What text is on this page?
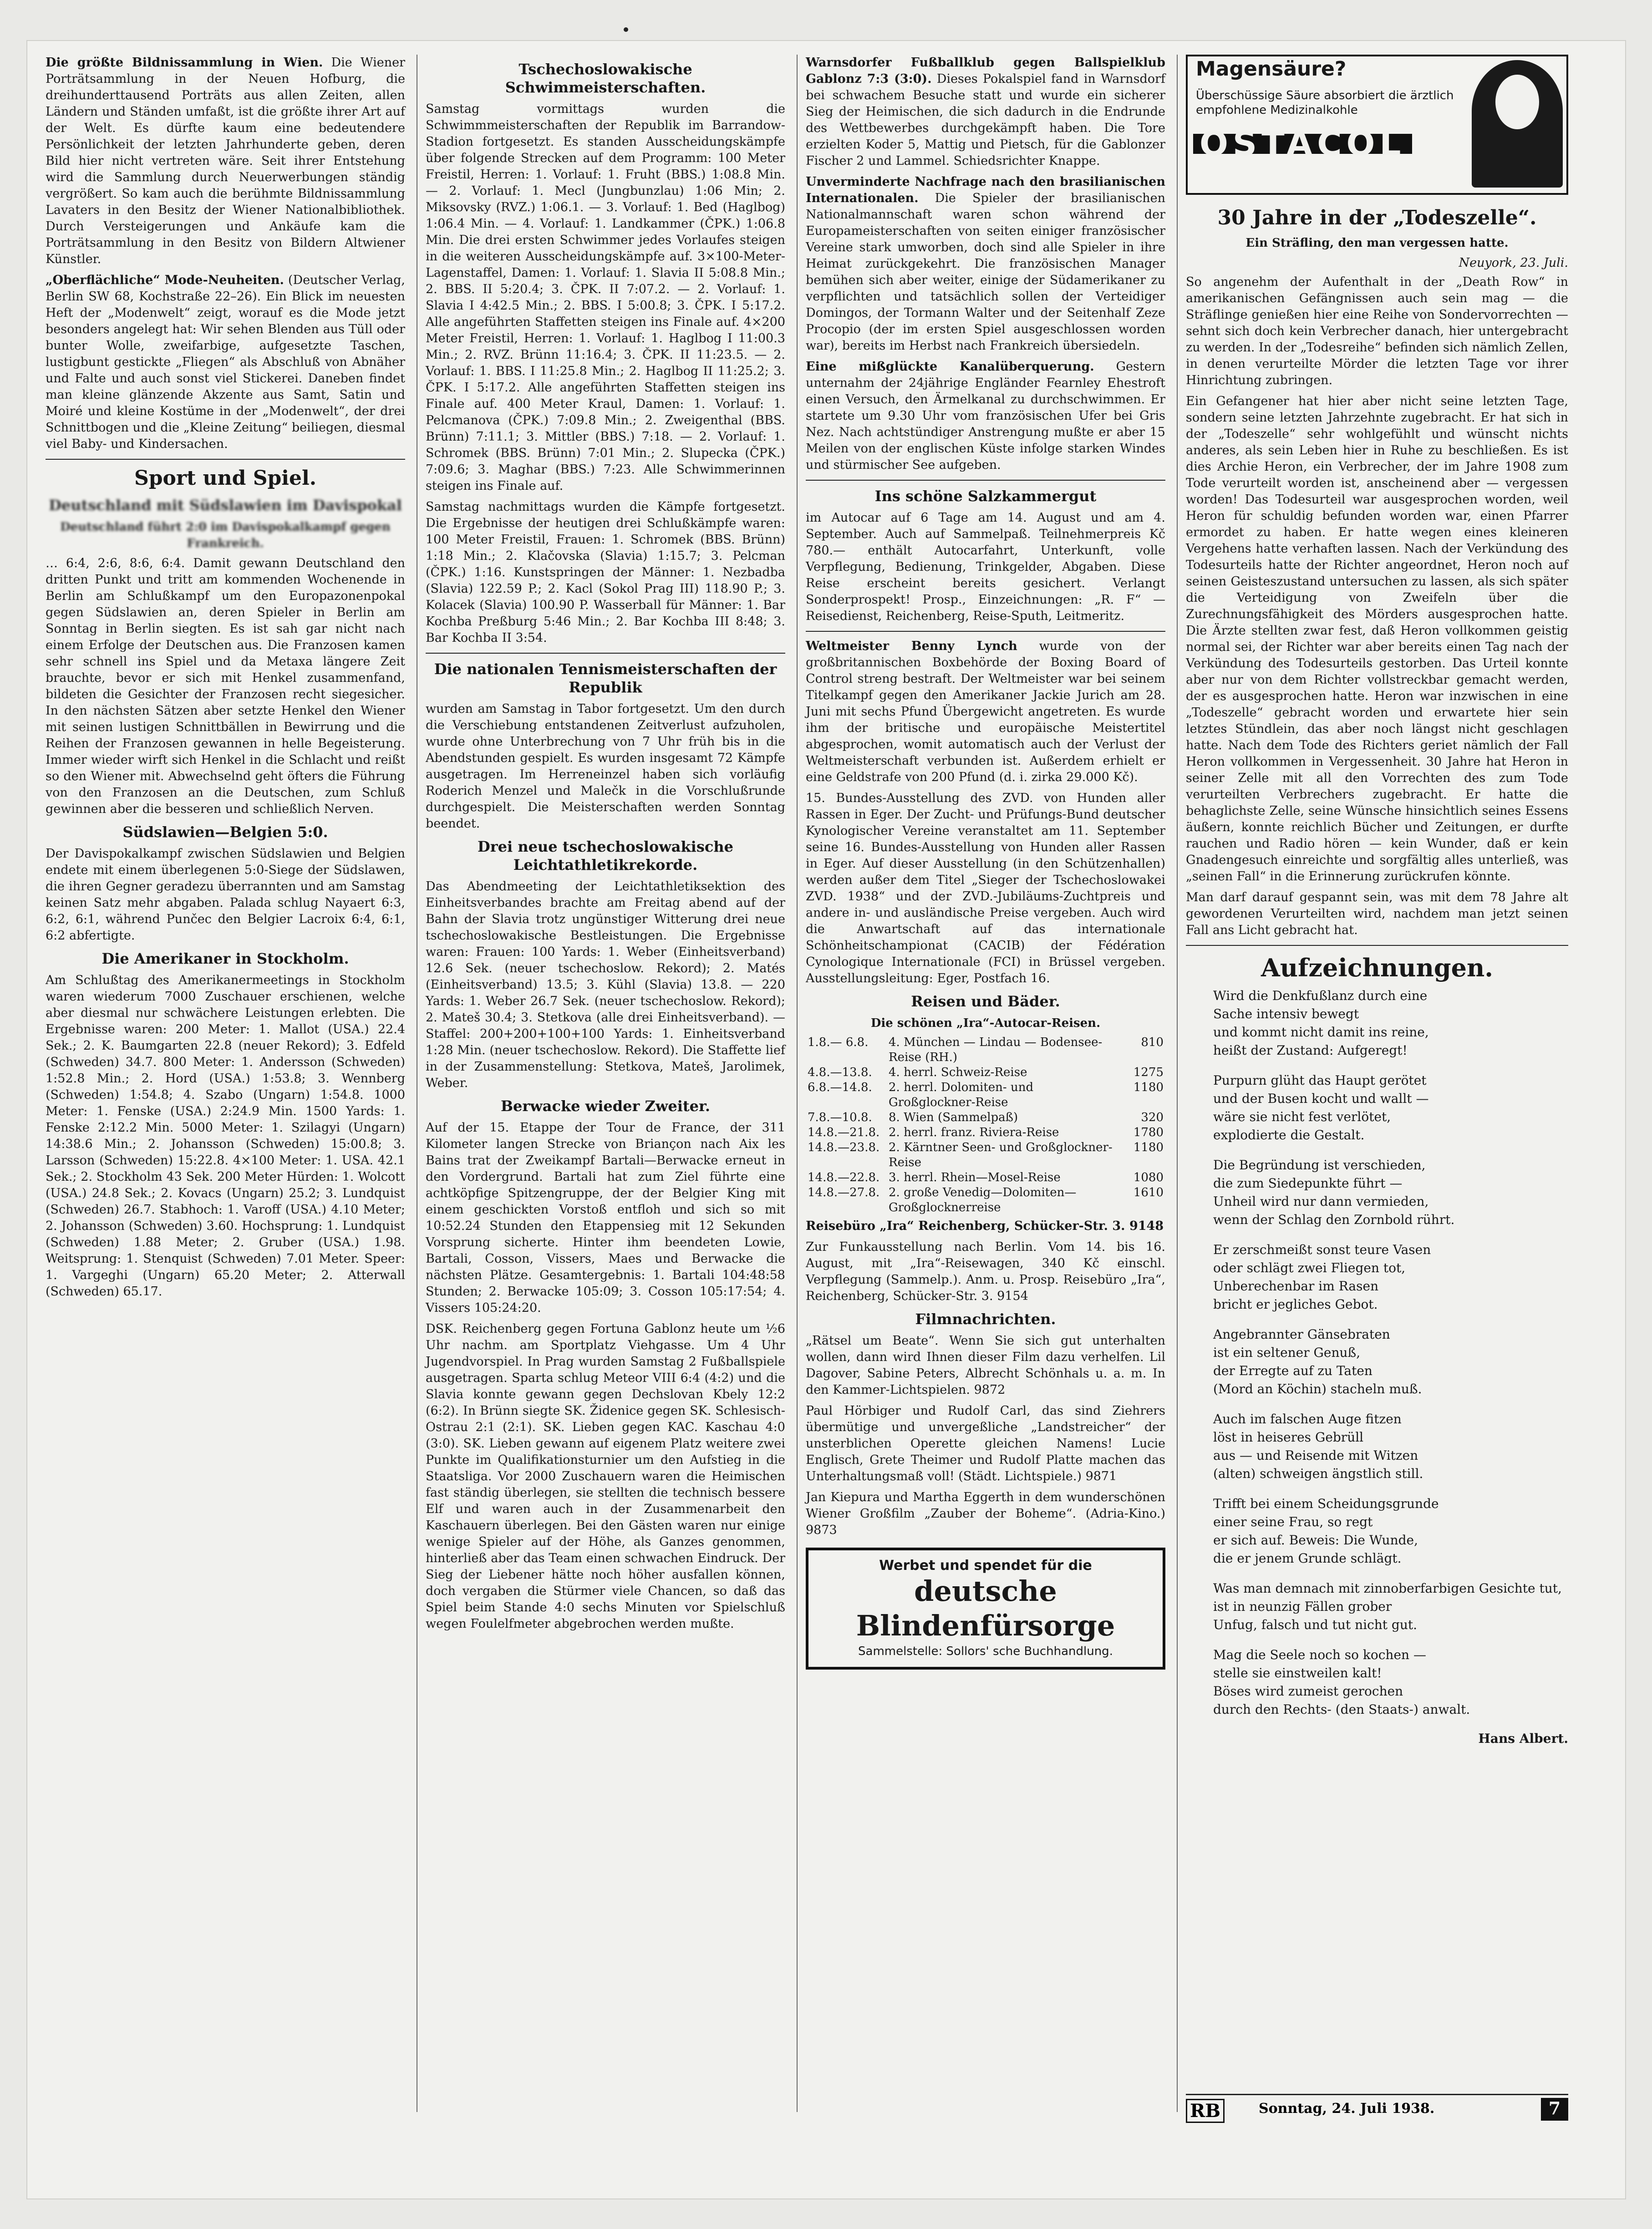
Die größte Bildnissammlung in Wien. Die Wiener Porträtsammlung in der Neuen Hofburg, die dreihunderttausend Porträts aus allen Zeiten, allen Ländern und Ständen umfaßt, ist die größte ihrer Art auf der Welt. Es dürfte kaum eine bedeutendere Persönlichkeit der letzten Jahrhunderte geben, deren Bild hier nicht vertreten wäre. Seit ihrer Entstehung wird die Sammlung durch Neuerwerbungen ständig vergrößert. So kam auch die berühmte Bildnissammlung Lavaters in den Besitz der Wiener Nationalbibliothek. Durch Versteigerungen und Ankäufe kam die Porträtsammlung in den Besitz von Bildern Altwiener Künstler.

„Oberflächliche“ Mode-Neuheiten. (Deutscher Verlag, Berlin SW 68, Kochstraße 22–26). Ein Blick im neuesten Heft der „Modenwelt“ zeigt, worauf es die Mode jetzt besonders angelegt hat: Wir sehen Blenden aus Tüll oder bunter Wolle, zweifarbige, aufgesetzte Taschen, lustigbunt gestickte „Fliegen“ als Abschluß von Abnäher und Falte und auch sonst viel Stickerei. Daneben findet man kleine glänzende Akzente aus Samt, Satin und Moiré und kleine Kostüme in der „Modenwelt“, der drei Schnittbogen und die „Kleine Zeitung“ beiliegen, diesmal viel Baby- und Kindersachen.

Sport und Spiel.
Deutschland mit Südslawien im Davispokal
Deutschland führt 2:0 im Davispokalkampf gegen Frankreich.

… 6:4, 2:6, 8:6, 6:4. Damit gewann Deutschland den dritten Punkt und tritt am kommenden Wochenende in Berlin am Schlußkampf um den Europazonenpokal gegen Südslawien an, deren Spieler in Berlin am Sonntag in Berlin siegten. Es ist sah gar nicht nach einem Erfolge der Deutschen aus. Die Franzosen kamen sehr schnell ins Spiel und da Metaxa längere Zeit brauchte, bevor er sich mit Henkel zusammenfand, bildeten die Gesichter der Franzosen recht siegesicher. In den nächsten Sätzen aber setzte Henkel den Wiener mit seinen lustigen Schnittbällen in Bewirrung und die Reihen der Franzosen gewannen in helle Begeisterung. Immer wieder wirft sich Henkel in die Schlacht und reißt so den Wiener mit. Abwechselnd geht öfters die Führung von den Franzosen an die Deutschen, zum Schluß gewinnen aber die besseren und schließlich Nerven.

Südslawien—Belgien 5:0.

Der Davispokalkampf zwischen Südslawien und Belgien endete mit einem überlegenen 5:0-Siege der Südslawen, die ihren Gegner geradezu überrannten und am Samstag keinen Satz mehr abgaben. Palada schlug Nayaert 6:3, 6:2, 6:1, während Punčec den Belgier Lacroix 6:4, 6:1, 6:2 abfertigte.

Die Amerikaner in Stockholm.

Am Schlußtag des Amerikanermeetings in Stockholm waren wiederum 7000 Zuschauer erschienen, welche aber diesmal nur schwächere Leistungen erlebten. Die Ergebnisse waren: 200 Meter: 1. Mallot (USA.) 22.4 Sek.; 2. K. Baumgarten 22.8 (neuer Rekord); 3. Edfeld (Schweden) 34.7. 800 Meter: 1. Andersson (Schweden) 1:52.8 Min.; 2. Hord (USA.) 1:53.8; 3. Wennberg (Schweden) 1:54.8; 4. Szabo (Ungarn) 1:54.8. 1000 Meter: 1. Fenske (USA.) 2:24.9 Min. 1500 Yards: 1. Fenske 2:12.2 Min. 5000 Meter: 1. Szilagyi (Ungarn) 14:38.6 Min.; 2. Johansson (Schweden) 15:00.8; 3. Larsson (Schweden) 15:22.8. 4×100 Meter: 1. USA. 42.1 Sek.; 2. Stockholm 43 Sek. 200 Meter Hürden: 1. Wolcott (USA.) 24.8 Sek.; 2. Kovacs (Ungarn) 25.2; 3. Lundquist (Schweden) 26.7. Stabhoch: 1. Varoff (USA.) 4.10 Meter; 2. Johansson (Schweden) 3.60. Hochsprung: 1. Lundquist (Schweden) 1.88 Meter; 2. Gruber (USA.) 1.98. Weitsprung: 1. Stenquist (Schweden) 7.01 Meter. Speer: 1. Vargeghi (Ungarn) 65.20 Meter; 2. Atterwall (Schweden) 65.17.

Tschechoslowakische Schwimmeisterschaften.

Samstag vormittags wurden die Schwimmmeisterschaften der Republik im Barrandow-Stadion fortgesetzt. Es standen Ausscheidungskämpfe über folgende Strecken auf dem Programm: 100 Meter Freistil, Herren: 1. Vorlauf: 1. Fruht (BBS.) 1:08.8 Min. — 2. Vorlauf: 1. Mecl (Jungbunzlau) 1:06 Min; 2. Miksovsky (RVZ.) 1:06.1. — 3. Vorlauf: 1. Bed (Haglbog) 1:06.4 Min. — 4. Vorlauf: 1. Landkammer (ČPK.) 1:06.8 Min. Die drei ersten Schwimmer jedes Vorlaufes steigen in die weiteren Ausscheidungskämpfe auf. 3×100-Meter-Lagenstaffel, Damen: 1. Vorlauf: 1. Slavia II 5:08.8 Min.; 2. BBS. II 5:20.4; 3. ČPK. II 7:07.2. — 2. Vorlauf: 1. Slavia I 4:42.5 Min.; 2. BBS. I 5:00.8; 3. ČPK. I 5:17.2. Alle angeführten Staffetten steigen ins Finale auf. 4×200 Meter Freistil, Herren: 1. Vorlauf: 1. Haglbog I 11:00.3 Min.; 2. RVZ. Brünn 11:16.4; 3. ČPK. II 11:23.5. — 2. Vorlauf: 1. BBS. I 11:25.8 Min.; 2. Haglbog II 11:25.2; 3. ČPK. I 5:17.2. Alle angeführten Staffetten steigen ins Finale auf. 400 Meter Kraul, Damen: 1. Vorlauf: 1. Pelcmanova (ČPK.) 7:09.8 Min.; 2. Zweigenthal (BBS. Brünn) 7:11.1; 3. Mittler (BBS.) 7:18. — 2. Vorlauf: 1. Schromek (BBS. Brünn) 7:01 Min.; 2. Slupecka (ČPK.) 7:09.6; 3. Maghar (BBS.) 7:23. Alle Schwimmerinnen steigen ins Finale auf.

Samstag nachmittags wurden die Kämpfe fortgesetzt. Die Ergebnisse der heutigen drei Schlußkämpfe waren: 100 Meter Freistil, Frauen: 1. Schromek (BBS. Brünn) 1:18 Min.; 2. Klačovska (Slavia) 1:15.7; 3. Pelcman (ČPK.) 1:16. Kunstspringen der Männer: 1. Nezbadba (Slavia) 122.59 P.; 2. Kacl (Sokol Prag III) 118.90 P.; 3. Kolacek (Slavia) 100.90 P. Wasserball für Männer: 1. Bar Kochba Preßburg 5:46 Min.; 2. Bar Kochba III 8:48; 3. Bar Kochba II 3:54.

Die nationalen Tennismeisterschaften der Republik

wurden am Samstag in Tabor fortgesetzt. Um den durch die Verschiebung entstandenen Zeitverlust aufzuholen, wurde ohne Unterbrechung von 7 Uhr früh bis in die Abendstunden gespielt. Es wurden insgesamt 72 Kämpfe ausgetragen. Im Herreneinzel haben sich vorläufig Roderich Menzel und Malečk in die Vorschlußrunde durchgespielt. Die Meisterschaften werden Sonntag beendet.

Drei neue tschechoslowakische Leichtathletikrekorde.

Das Abendmeeting der Leichtathletiksektion des Einheitsverbandes brachte am Freitag abend auf der Bahn der Slavia trotz ungünstiger Witterung drei neue tschechoslowakische Bestleistungen. Die Ergebnisse waren: Frauen: 100 Yards: 1. Weber (Einheitsverband) 12.6 Sek. (neuer tschechoslow. Rekord); 2. Matés (Einheitsverband) 13.5; 3. Kühl (Slavia) 13.8. — 220 Yards: 1. Weber 26.7 Sek. (neuer tschechoslow. Rekord); 2. Mateš 30.4; 3. Stetkova (alle drei Einheitsverband). — Staffel: 200+200+100+100 Yards: 1. Einheitsverband 1:28 Min. (neuer tschechoslow. Rekord). Die Staffette lief in der Zusammenstellung: Stetkova, Mateš, Jarolimek, Weber.

Berwacke wieder Zweiter.

Auf der 15. Etappe der Tour de France, der 311 Kilometer langen Strecke von Briançon nach Aix les Bains trat der Zweikampf Bartali—Berwacke erneut in den Vordergrund. Bartali hat zum Ziel führte eine achtköpfige Spitzengruppe, der der Belgier King mit einem geschickten Vorstoß entfloh und sich so mit 10:52.24 Stunden den Etappensieg mit 12 Sekunden Vorsprung sicherte. Hinter ihm beendeten Lowie, Bartali, Cosson, Vissers, Maes und Berwacke die nächsten Plätze. Gesamtergebnis: 1. Bartali 104:48:58 Stunden; 2. Berwacke 105:09; 3. Cosson 105:17:54; 4. Vissers 105:24:20.

DSK. Reichenberg gegen Fortuna Gablonz heute um ½6 Uhr nachm. am Sportplatz Viehgasse. Um 4 Uhr Jugendvorspiel. In Prag wurden Samstag 2 Fußballspiele ausgetragen. Sparta schlug Meteor VIII 6:4 (4:2) und die Slavia konnte gewann gegen Dechslovan Kbely 12:2 (6:2). In Brünn siegte SK. Židenice gegen SK. Schlesisch-Ostrau 2:1 (2:1). SK. Lieben gegen KAC. Kaschau 4:0 (3:0). SK. Lieben gewann auf eigenem Platz weitere zwei Punkte im Qualifikationsturnier um den Aufstieg in die Staatsliga. Vor 2000 Zuschauern waren die Heimischen fast ständig überlegen, sie stellten die technisch bessere Elf und waren auch in der Zusammenarbeit den Kaschauern überlegen. Bei den Gästen waren nur einige wenige Spieler auf der Höhe, als Ganzes genommen, hinterließ aber das Team einen schwachen Eindruck. Der Sieg der Liebener hätte noch höher ausfallen können, doch vergaben die Stürmer viele Chancen, so daß das Spiel beim Stande 4:0 sechs Minuten vor Spielschluß wegen Foulelfmeter abgebrochen werden mußte.

Warnsdorfer Fußballklub gegen Ballspielklub Gablonz 7:3 (3:0). Dieses Pokalspiel fand in Warnsdorf bei schwachem Besuche statt und wurde ein sicherer Sieg der Heimischen, die sich dadurch in die Endrunde des Wettbewerbes durchgekämpft haben. Die Tore erzielten Koder 5, Mattig und Pietsch, für die Gablonzer Fischer 2 und Lammel. Schiedsrichter Knappe.

Unverminderte Nachfrage nach den brasilianischen Internationalen. Die Spieler der brasilianischen Nationalmannschaft waren schon während der Europameisterschaften von seiten einiger französischer Vereine stark umworben, doch sind alle Spieler in ihre Heimat zurückgekehrt. Die französischen Manager bemühen sich aber weiter, einige der Südamerikaner zu verpflichten und tatsächlich sollen der Verteidiger Domingos, der Tormann Walter und der Seitenhalf Zeze Procopio (der im ersten Spiel ausgeschlossen worden war), bereits im Herbst nach Frankreich übersiedeln.

Eine mißglückte Kanalüberquerung. Gestern unternahm der 24jährige Engländer Fearnley Ehestroft einen Versuch, den Ärmelkanal zu durchschwimmen. Er startete um 9.30 Uhr vom französischen Ufer bei Gris Nez. Nach achtstündiger Anstrengung mußte er aber 15 Meilen von der englischen Küste infolge starken Windes und stürmischer See aufgeben.

Ins schöne Salzkammergut

im Autocar auf 6 Tage am 14. August und am 4. September. Auch auf Sammelpaß. Teilnehmerpreis Kč 780.— enthält Autocarfahrt, Unterkunft, volle Verpflegung, Bedienung, Trinkgelder, Abgaben. Diese Reise erscheint bereits gesichert. Verlangt Sonderprospekt! Prosp., Einzeichnungen: „R. F“ — Reisedienst, Reichenberg, Reise-Sputh, Leitmeritz.

Weltmeister Benny Lynch wurde von der großbritannischen Boxbehörde der Boxing Board of Control streng bestraft. Der Weltmeister war bei seinem Titelkampf gegen den Amerikaner Jackie Jurich am 28. Juni mit sechs Pfund Übergewicht angetreten. Es wurde ihm der britische und europäische Meistertitel abgesprochen, womit automatisch auch der Verlust der Weltmeisterschaft verbunden ist. Außerdem erhielt er eine Geldstrafe von 200 Pfund (d. i. zirka 29.000 Kč).

15. Bundes-Ausstellung des ZVD. von Hunden aller Rassen in Eger. Der Zucht- und Prüfungs-Bund deutscher Kynologischer Vereine veranstaltet am 11. September seine 16. Bundes-Ausstellung von Hunden aller Rassen in Eger. Auf dieser Ausstellung (in den Schützenhallen) werden außer dem Titel „Sieger der Tschechoslowakei ZVD. 1938“ und der ZVD.-Jubiläums-Zuchtpreis und andere in- und ausländische Preise vergeben. Auch wird die Anwartschaft auf das internationale Schönheitschampionat (CACIB) der Fédération Cynologique Internationale (FCI) in Brüssel vergeben. Ausstellungsleitung: Eger, Postfach 16.

Reisen und Bäder.
Die schönen „Ira“-Autocar-Reisen.
1.8.— 6.8.	4. München — Lindau — Bodensee-Reise (RH.)	810
4.8.—13.8.	4. herrl. Schweiz-Reise	1275
6.8.—14.8.	2. herrl. Dolomiten- und Großglockner-Reise	1180
7.8.—10.8.	8. Wien (Sammelpaß)	320
14.8.—21.8.	2. herrl. franz. Riviera-Reise	1780
14.8.—23.8.	2. Kärntner Seen- und Großglockner-Reise	1180
14.8.—22.8.	3. herrl. Rhein—Mosel-Reise	1080
14.8.—27.8.	2. große Venedig—Dolomiten—Großglocknerreise	1610

Reisebüro „Ira“ Reichenberg, Schücker-Str. 3. 9148

Zur Funkausstellung nach Berlin. Vom 14. bis 16. August, mit „Ira“-Reisewagen, 340 Kč einschl. Verpflegung (Sammelp.). Anm. u. Prosp. Reisebüro „Ira“, Reichenberg, Schücker-Str. 3. 9154

Filmnachrichten.

„Rätsel um Beate“. Wenn Sie sich gut unterhalten wollen, dann wird Ihnen dieser Film dazu verhelfen. Lil Dagover, Sabine Peters, Albrecht Schönhals u. a. m. In den Kammer-Lichtspielen. 9872

Paul Hörbiger und Rudolf Carl, das sind Ziehrers übermütige und unvergeßliche „Landstreicher“ der unsterblichen Operette gleichen Namens! Lucie Englisch, Grete Theimer und Rudolf Platte machen das Unterhaltungsmaß voll! (Städt. Lichtspiele.) 9871

Jan Kiepura und Martha Eggerth in dem wunderschönen Wiener Großfilm „Zauber der Boheme“. (Adria-Kino.) 9873

Werbet und spendet für die
deutsche Blindenfürsorge
Sammelstelle: Sollors' sche Buchhandlung.
Magensäure?
Überschüssige Säure absorbiert die ärztlich empfohlene Medizinalkohle
OSTACOL
30 Jahre in der „Todeszelle“.
Ein Sträfling, den man vergessen hatte.
Neuyork, 23. Juli.

So angenehm der Aufenthalt in der „Death Row“ in amerikanischen Gefängnissen auch sein mag — die Sträflinge genießen hier eine Reihe von Sondervorrechten — sehnt sich doch kein Verbrecher danach, hier untergebracht zu werden. In der „Todesreihe“ befinden sich nämlich Zellen, in denen verurteilte Mörder die letzten Tage vor ihrer Hinrichtung zubringen.

Ein Gefangener hat hier aber nicht seine letzten Tage, sondern seine letzten Jahrzehnte zugebracht. Er hat sich in der „Todeszelle“ sehr wohlgefühlt und wünscht nichts anderes, als sein Leben hier in Ruhe zu beschließen. Es ist dies Archie Heron, ein Verbrecher, der im Jahre 1908 zum Tode verurteilt worden ist, anscheinend aber — vergessen worden! Das Todesurteil war ausgesprochen worden, weil Heron für schuldig befunden worden war, einen Pfarrer ermordet zu haben. Er hatte wegen eines kleineren Vergehens hatte verhaften lassen. Nach der Verkündung des Todesurteils hatte der Richter angeordnet, Heron noch auf seinen Geisteszustand untersuchen zu lassen, als sich später die Verteidigung von Zweifeln über die Zurechnungsfähigkeit des Mörders ausgesprochen hatte. Die Ärzte stellten zwar fest, daß Heron vollkommen geistig normal sei, der Richter war aber bereits einen Tag nach der Verkündung des Todesurteils gestorben. Das Urteil konnte aber nur von dem Richter vollstreckbar gemacht werden, der es ausgesprochen hatte. Heron war inzwischen in eine „Todeszelle“ gebracht worden und erwartete hier sein letztes Stündlein, das aber noch längst nicht geschlagen hatte. Nach dem Tode des Richters geriet nämlich der Fall Heron vollkommen in Vergessenheit. 30 Jahre hat Heron in seiner Zelle mit all den Vorrechten des zum Tode verurteilten Verbrechers zugebracht. Er hatte die behaglichste Zelle, seine Wünsche hinsichtlich seines Essens äußern, konnte reichlich Bücher und Zeitungen, er durfte rauchen und Radio hören — kein Wunder, daß er kein Gnadengesuch einreichte und sorgfältig alles unterließ, was „seinen Fall“ in die Erinnerung zurückrufen könnte.

Man darf darauf gespannt sein, was mit dem 78 Jahre alt gewordenen Verurteilten wird, nachdem man jetzt seinen Fall ans Licht gebracht hat.

Aufzeichnungen.
Wird die Denkfußlanz durch eine
Sache intensiv bewegt
und kommt nicht damit ins reine,
heißt der Zustand: Aufgeregt!
Purpurn glüht das Haupt gerötet
und der Busen kocht und wallt —
wäre sie nicht fest verlötet,
explodierte die Gestalt.
Die Begründung ist verschieden,
die zum Siedepunkte führt —
Unheil wird nur dann vermieden,
wenn der Schlag den Zornbold rührt.
Er zerschmeißt sonst teure Vasen
oder schlägt zwei Fliegen tot,
Unberechenbar im Rasen
bricht er jegliches Gebot.
Angebrannter Gänsebraten
ist ein seltener Genuß,
der Erregte auf zu Taten
(Mord an Köchin) stacheln muß.
Auch im falschen Auge fitzen
löst in heiseres Gebrüll
aus — und Reisende mit Witzen
(alten) schweigen ängstlich still.
Trifft bei einem Scheidungsgrunde
einer seine Frau, so regt
er sich auf. Beweis: Die Wunde,
die er jenem Grunde schlägt.
Was man demnach mit zinnoberfarbigen Gesichte tut,
ist in neunzig Fällen grober
Unfug, falsch und tut nicht gut.
Mag die Seele noch so kochen —
stelle sie einstweilen kalt!
Böses wird zumeist gerochen
durch den Rechts- (den Staats-) anwalt.
Hans Albert.
RB	Sonntag, 24. Juli 1938.	7
